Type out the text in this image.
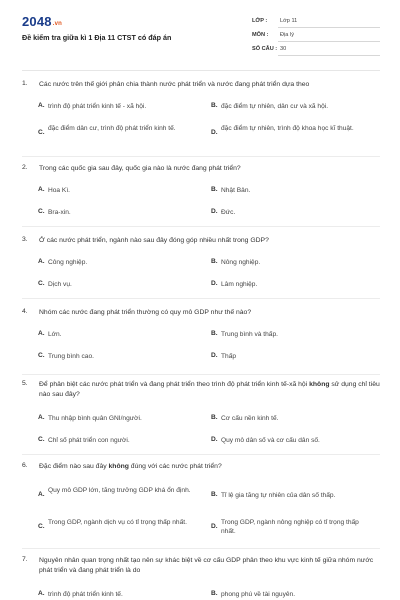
2048.vn
Đề kiểm tra giữa kì 1 Địa 11 CTST có đáp án
LỚP : Lớp 11
MÔN : Địa lý
SỐ CÂU : 30
1. Các nước trên thế giới phân chia thành nước phát triển và nước đang phát triển dựa theo
A. trình độ phát triển kinh tế - xã hội.	B. đặc điểm tự nhiên, dân cư và xã hội.
C.
đặc điểm dân cư, trình độ phát triển kinh tế.
D.
đặc điểm tự nhiên, trình độ khoa học kĩ thuật.
2. Trong các quốc gia sau đây, quốc gia nào là nước đang phát triển?
A. Hoa Kì.	B. Nhật Bản.
C. Bra-xin.	D. Đức.
3. Ở các nước phát triển, ngành nào sau đây đóng góp nhiều nhất trong GDP?
A. Công nghiệp.	B. Nông nghiệp.
C. Dịch vụ.	D. Lâm nghiệp.
4. Nhóm các nước đang phát triển thường có quy mô GDP như thế nào?
A. Lớn.	B. Trung bình và thấp.
C. Trung bình cao.	D. Thấp
5. Để phân biệt các nước phát triển và đang phát triển theo trình độ phát triển kinh tế-xã hội không sử dụng chỉ tiêu nào sau đây?
A. Thu nhập bình quân GNI/người.	B. Cơ cấu nền kinh tế.
C. Chỉ số phát triển con người.	D. Quy mô dân số và cơ cấu dân số.
6. Đặc điểm nào sau đây không đúng với các nước phát triển?
A.
Quy mô GDP lớn, tăng trưởng GDP khá ổn định.
B. Tỉ lệ gia tăng tự nhiên của dân số thấp.
C.
Trong GDP, ngành dịch vụ có tỉ trọng thấp nhất.
D.
Trong GDP, ngành nông nghiệp có tỉ trọng thấp nhất.
7. Nguyên nhân quan trọng nhất tạo nên sự khác biệt về cơ cấu GDP phân theo khu vực kinh tế giữa nhóm nước phát triển và đang phát triển là do
A. trình độ phát triển kinh tế.	B. phong phú về tài nguyên.
